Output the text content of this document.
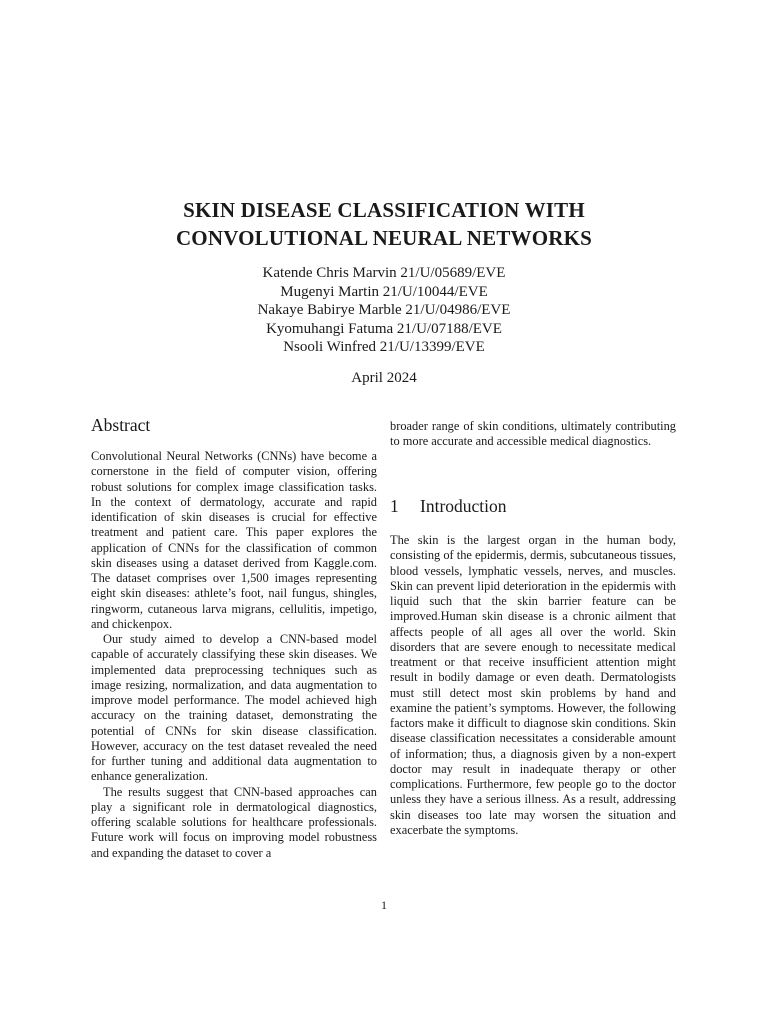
SKIN DISEASE CLASSIFICATION WITH
CONVOLUTIONAL NEURAL NETWORKS
Katende Chris Marvin 21/U/05689/EVE
Mugenyi Martin 21/U/10044/EVE
Nakaye Babirye Marble 21/U/04986/EVE
Kyomuhangi Fatuma 21/U/07188/EVE
Nsooli Winfred 21/U/13399/EVE
April 2024
Abstract

Convolutional Neural Networks (CNNs) have become a cornerstone in the field of computer vision, offering robust solutions for complex image classification tasks. In the context of dermatology, accurate and rapid identification of skin diseases is crucial for effective treatment and patient care. This paper explores the application of CNNs for the classification of common skin diseases using a dataset derived from Kaggle.com. The dataset comprises over 1,500 images representing eight skin diseases: athlete’s foot, nail fungus, shingles, ringworm, cutaneous larva migrans, cellulitis, impetigo, and chickenpox.

Our study aimed to develop a CNN-based model capable of accurately classifying these skin diseases. We implemented data preprocessing techniques such as image resizing, normalization, and data augmentation to improve model performance. The model achieved high accuracy on the training dataset, demonstrating the potential of CNNs for skin disease classification. However, accuracy on the test dataset revealed the need for further tuning and additional data augmentation to enhance generalization.

The results suggest that CNN-based approaches can play a significant role in dermatological diagnostics, offering scalable solutions for healthcare professionals. Future work will focus on improving model robustness and expanding the dataset to cover a

broader range of skin conditions, ultimately contributing to more accurate and accessible medical diagnostics.

1 Introduction

The skin is the largest organ in the human body, consisting of the epidermis, dermis, subcutaneous tissues, blood vessels, lymphatic vessels, nerves, and muscles. Skin can prevent lipid deterioration in the epidermis with liquid such that the skin barrier feature can be improved.Human skin disease is a chronic ailment that affects people of all ages all over the world. Skin disorders that are severe enough to necessitate medical treatment or that receive insufficient attention might result in bodily damage or even death. Dermatologists must still detect most skin problems by hand and examine the patient’s symptoms. However, the following factors make it difficult to diagnose skin conditions. Skin disease classification necessitates a considerable amount of information; thus, a diagnosis given by a non-expert doctor may result in inadequate therapy or other complications. Furthermore, few people go to the doctor unless they have a serious illness. As a result, addressing skin diseases too late may worsen the situation and exacerbate the symptoms.

1
